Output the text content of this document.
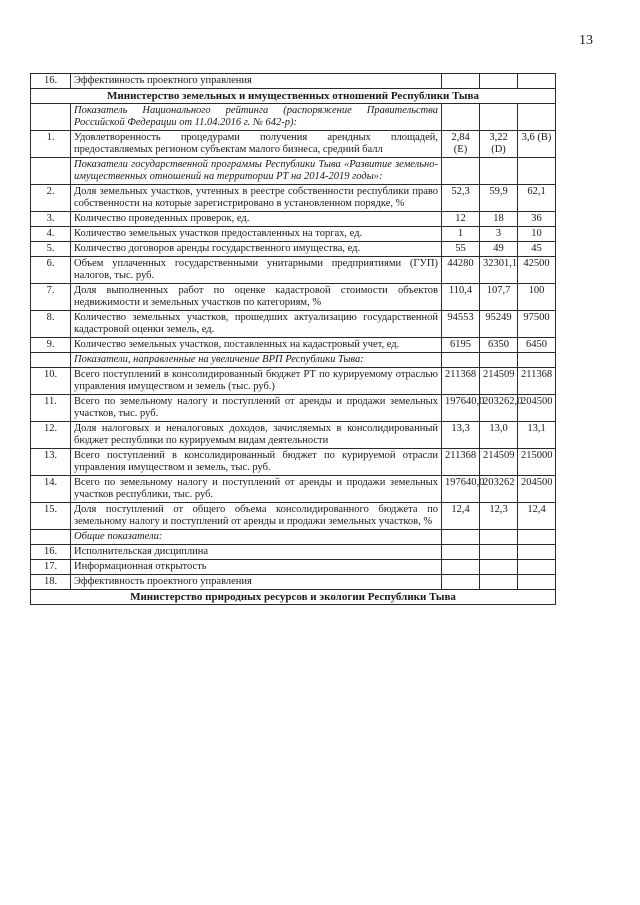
13
16.	Эффективность проектного управления			
Министерство земельных и имущественных отношений Республики Тыва				
	Показатель Национального рейтинга (распоряжение Правительства Российской Федерации от 11.04.2016 г. № 642-р):			
1.	Удовлетворенность процедурами получения арендных площадей, предоставляемых регионом субъектам малого бизнеса, средний балл	2,84 (Е)	3,22 (D)	3,6 (В)
	Показатели государственной программы Республики Тыва «Развитие земельно-имущественных отношений на территории РТ на 2014-2019 годы»:			
2.	Доля земельных участков, учтенных в реестре собственности республики право собственности на которые зарегистрировано в установленном порядке, %	52,3	59,9	62,1
3.	Количество проведенных проверок, ед.	12	18	36
4.	Количество земельных участков предоставленных на торгах, ед.	1	3	10
5.	Количество договоров аренды государственного имущества, ед.	55	49	45
6.	Объем уплаченных государственными унитарными предприятиями (ГУП) налогов, тыс. руб.	44280	32301,1	42500
7.	Доля выполненных работ по оценке кадастровой стоимости объектов недвижимости и земельных участков по категориям, %	110,4	107,7	100
8.	Количество земельных участков, прошедших актуализацию государственной кадастровой оценки земель, ед.	94553	95249	97500
9.	Количество земельных участков, поставленных на кадастровый учет, ед.	6195	6350	6450
	Показатели, направленные на увеличение ВРП Республики Тыва:			
10.	Всего поступлений в консолидированный бюджет РТ по курируемому отраслью управления имуществом и земель (тыс. руб.)	211368	214509	211368
11.	Всего по земельному налогу и поступлений от аренды и продажи земельных участков, тыс. руб.	197640,0	203262,0	204500
12.	Доля налоговых и неналоговых доходов, зачисляемых в консолидированный бюджет республики по курируемым видам деятельности	13,3	13,0	13,1
13.	Всего поступлений в консолидированный бюджет по курируемой отрасли управления имуществом и земель, тыс. руб.	211368	214509	215000
14.	Всего по земельному налогу и поступлений от аренды и продажи земельных участков республики, тыс. руб.	197640,0	203262	204500
15.	Доля поступлений от общего объема консолидированного бюджета по земельному налогу и поступлений от аренды и продажи земельных участков, %	12,4	12,3	12,4
	Общие показатели:			
16.	Исполнительская дисциплина			
17.	Информационная открытость			
18.	Эффективность проектного управления			
Министерство природных ресурсов и экологии Республики Тыва				
